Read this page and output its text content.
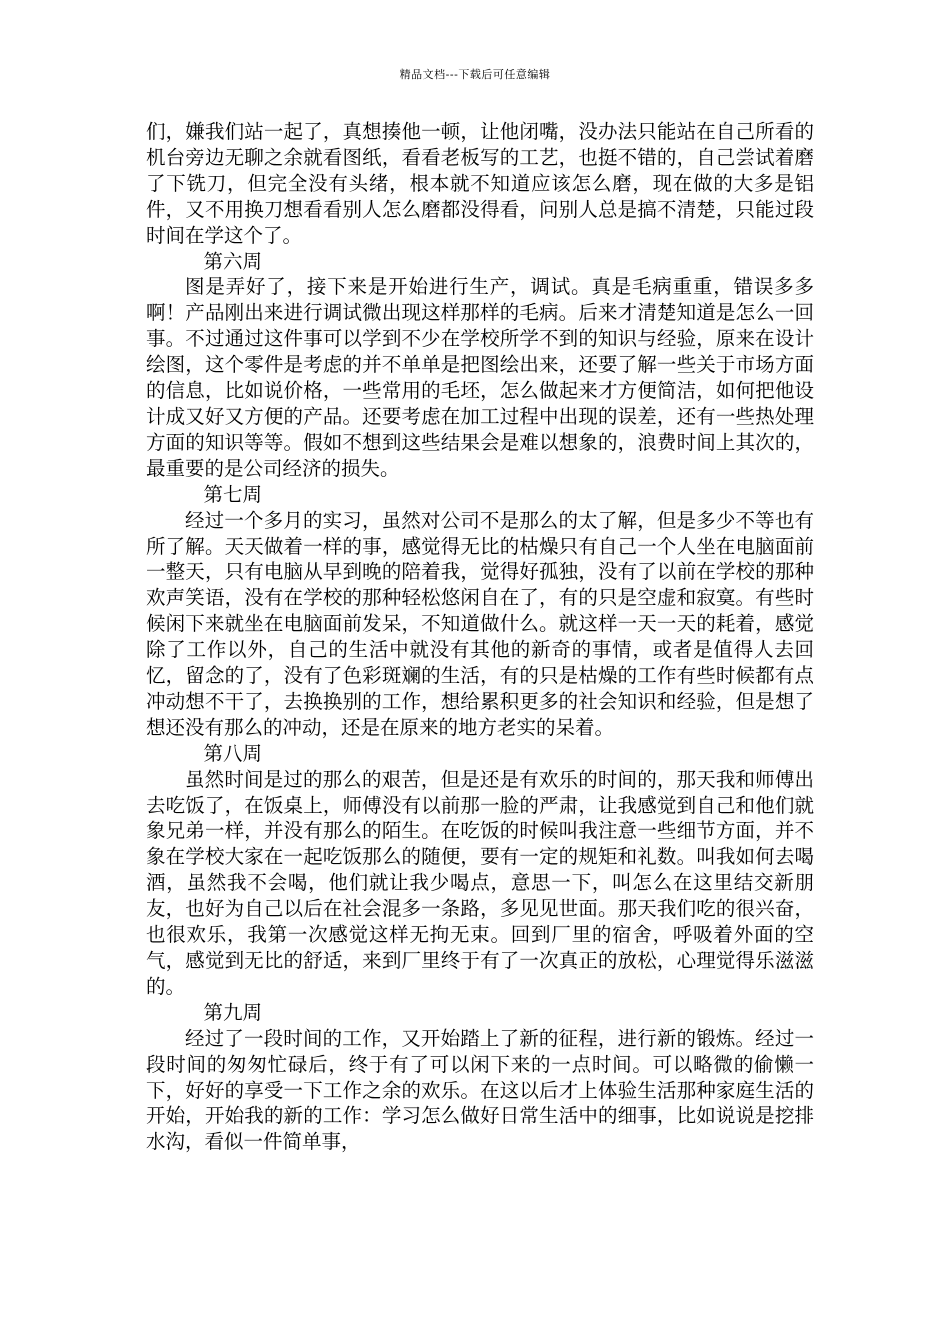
精品文档---下载后可任意编辑

们，嫌我们站一起了，真想揍他一顿，让他闭嘴，没办法只能站在自己所看的机台旁边无聊之余就看图纸，看看老板写的工艺，也挺不错的，自己尝试着磨了下铣刀，但完全没有头绪，根本就不知道应该怎么磨，现在做的大多是铝件，又不用换刀想看看别人怎么磨都没得看，问别人总是搞不清楚，只能过段时间在学这个了。

第六周

图是弄好了，接下来是开始进行生产，调试。真是毛病重重，错误多多啊！产品刚出来进行调试微出现这样那样的毛病。后来才清楚知道是怎么一回事。不过通过这件事可以学到不少在学校所学不到的知识与经验，原来在设计绘图，这个零件是考虑的并不单单是把图绘出来，还要了解一些关于市场方面的信息，比如说价格，一些常用的毛坯，怎么做起来才方便简洁，如何把他设计成又好又方便的产品。还要考虑在加工过程中出现的误差，还有一些热处理方面的知识等等。假如不想到这些结果会是难以想象的，浪费时间上其次的，最重要的是公司经济的损失。

第七周

经过一个多月的实习，虽然对公司不是那么的太了解，但是多少不等也有所了解。天天做着一样的事，感觉得无比的枯燥只有自己一个人坐在电脑面前一整天，只有电脑从早到晚的陪着我，觉得好孤独，没有了以前在学校的那种欢声笑语，没有在学校的那种轻松悠闲自在了，有的只是空虚和寂寞。有些时候闲下来就坐在电脑面前发呆，不知道做什么。就这样一天一天的耗着，感觉除了工作以外，自己的生活中就没有其他的新奇的事情，或者是值得人去回忆，留念的了，没有了色彩斑斓的生活，有的只是枯燥的工作有些时候都有点冲动想不干了，去换换别的工作，想给累积更多的社会知识和经验，但是想了想还没有那么的冲动，还是在原来的地方老实的呆着。

第八周

虽然时间是过的那么的艰苦，但是还是有欢乐的时间的，那天我和师傅出去吃饭了，在饭桌上，师傅没有以前那一脸的严肃，让我感觉到自己和他们就象兄弟一样，并没有那么的陌生。在吃饭的时候叫我注意一些细节方面，并不象在学校大家在一起吃饭那么的随便，要有一定的规矩和礼数。叫我如何去喝酒，虽然我不会喝，他们就让我少喝点，意思一下，叫怎么在这里结交新朋友，也好为自己以后在社会混多一条路，多见见世面。那天我们吃的很兴奋，也很欢乐，我第一次感觉这样无拘无束。回到厂里的宿舍，呼吸着外面的空气，感觉到无比的舒适，来到厂里终于有了一次真正的放松，心理觉得乐滋滋的。

第九周

经过了一段时间的工作，又开始踏上了新的征程，进行新的锻炼。经过一段时间的匆匆忙碌后，终于有了可以闲下来的一点时间。可以略微的偷懒一下，好好的享受一下工作之余的欢乐。在这以后才上体验生活那种家庭生活的开始，开始我的新的工作：学习怎么做好日常生活中的细事，比如说说是挖排水沟，看似一件简单事，
